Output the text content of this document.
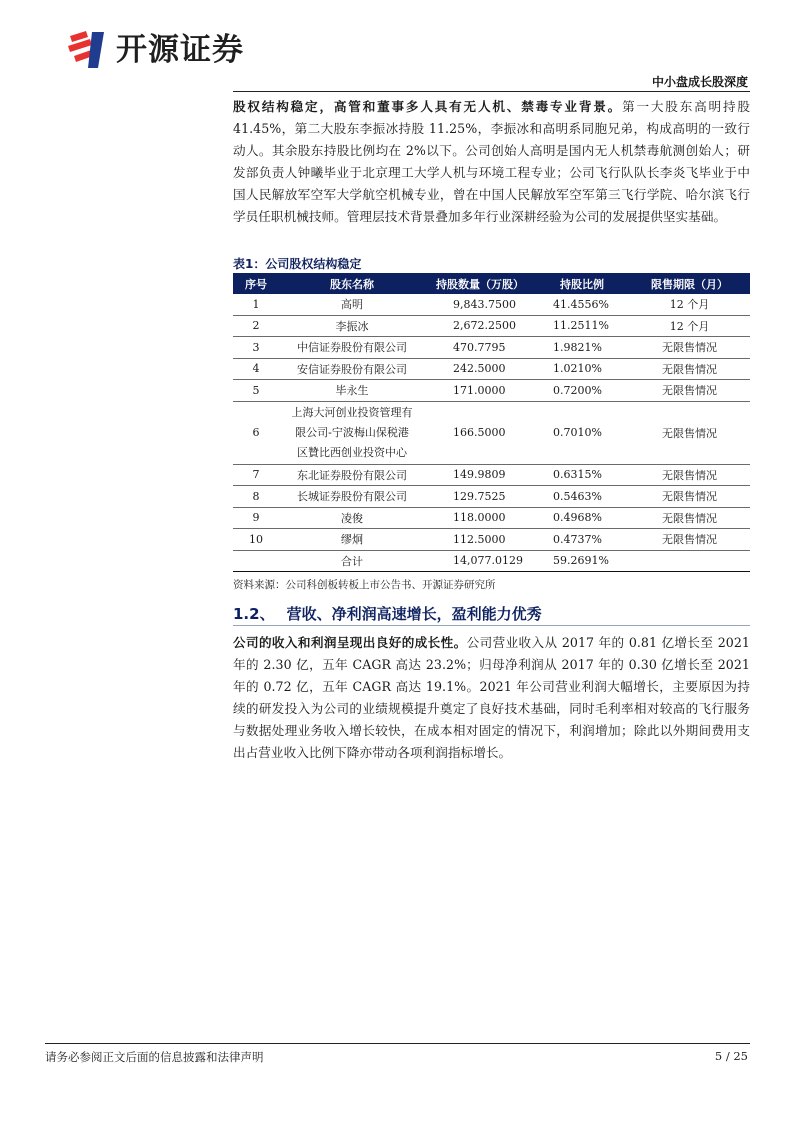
开源证券
中小盘成长股深度

股权结构稳定，高管和董事多人具有无人机、禁毒专业背景。第一大股东高明持股 41.45%，第二大股东李振冰持股 11.25%，李振冰和高明系同胞兄弟，构成高明的一致行动人。其余股东持股比例均在 2%以下。公司创始人高明是国内无人机禁毒航测创始人；研发部负责人钟曦毕业于北京理工大学人机与环境工程专业；公司飞行队队长李炎飞毕业于中国人民解放军空军大学航空机械专业，曾在中国人民解放军空军第三飞行学院、哈尔滨飞行学员任职机械技师。管理层技术背景叠加多年行业深耕经验为公司的发展提供坚实基础。

表1：公司股权结构稳定
序号	股东名称	持股数量（万股）	持股比例	限售期限（月）
1	高明	9,843.7500	41.4556%	12 个月
2	李振冰	2,672.2500	11.2511%	12 个月
3	中信证券股份有限公司	470.7795	1.9821%	无限售情况
4	安信证券股份有限公司	242.5000	1.0210%	无限售情况
5	毕永生	171.0000	0.7200%	无限售情况
6	上海大河创业投资管理有
限公司-宁波梅山保税港
区贊比西创业投资中心	166.5000	0.7010%	无限售情况
7	东北证券股份有限公司	149.9809	0.6315%	无限售情况
8	长城证券股份有限公司	129.7525	0.5463%	无限售情况
9	凌俊	118.0000	0.4968%	无限售情况
10	缪炯	112.5000	0.4737%	无限售情况
	合计	14,077.0129	59.2691%	
资料来源：公司科创板转板上市公告书、开源证券研究所
1.2、 营收、净利润高速增长，盈利能力优秀

公司的收入和利润呈现出良好的成长性。公司营业收入从 2017 年的 0.81 亿增长至 2021 年的 2.30 亿，五年 CAGR 高达 23.2%；归母净利润从 2017 年的 0.30 亿增长至 2021 年的 0.72 亿，五年 CAGR 高达 19.1%。2021 年公司营业利润大幅增长，主要原因为持续的研发投入为公司的业绩规模提升奠定了良好技术基础，同时毛利率相对较高的飞行服务与数据处理业务收入增长较快，在成本相对固定的情况下，利润增加；除此以外期间费用支出占营业收入比例下降亦带动各项利润指标增长。

请务必参阅正文后面的信息披露和法律声明	5 / 25
